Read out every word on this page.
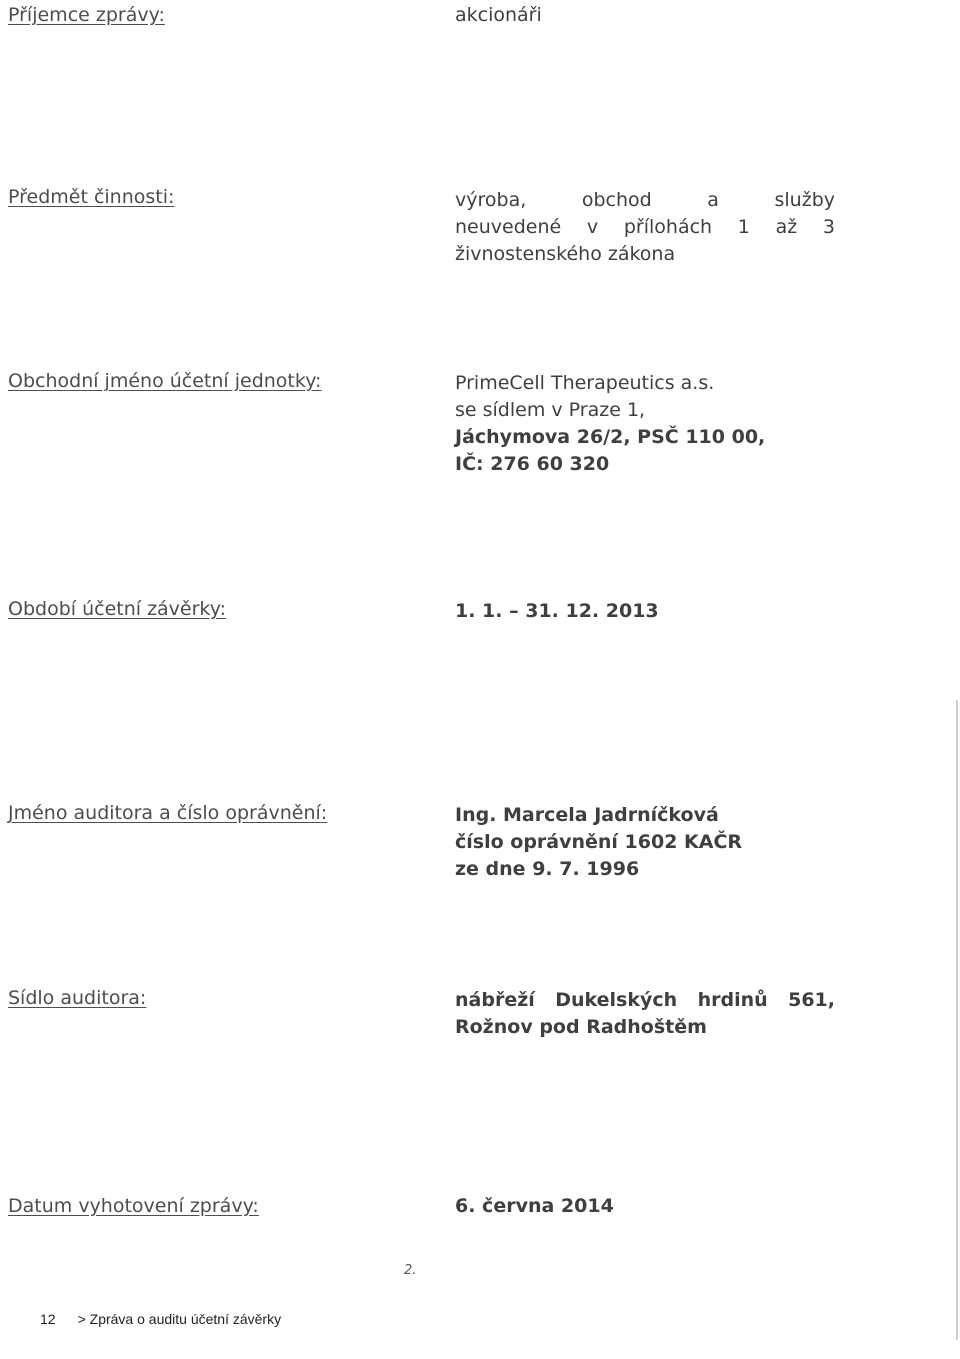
Příjemce zprávy:	akcionáři
Předmět činnosti:	výroba, obchod a služby
neuvedené v přílohách 1 až 3
živnostenského zákona
Obchodní jméno účetní jednotky:	PrimeCell Therapeutics a.s.
se sídlem v Praze 1,
Jáchymova 26/2, PSČ 110 00,
IČ: 276 60 320
Období účetní závěrky:	1. 1. – 31. 12. 2013
Jméno auditora a číslo oprávnění:	Ing. Marcela Jadrníčková
číslo oprávnění 1602 KAČR
ze dne 9. 7. 1996
Sídlo auditora:	nábřeží Dukelských hrdinů 561,
Rožnov pod Radhoštěm
Datum vyhotovení zprávy:	6. června 2014
2.
12 > Zpráva o auditu účetní závěrky
